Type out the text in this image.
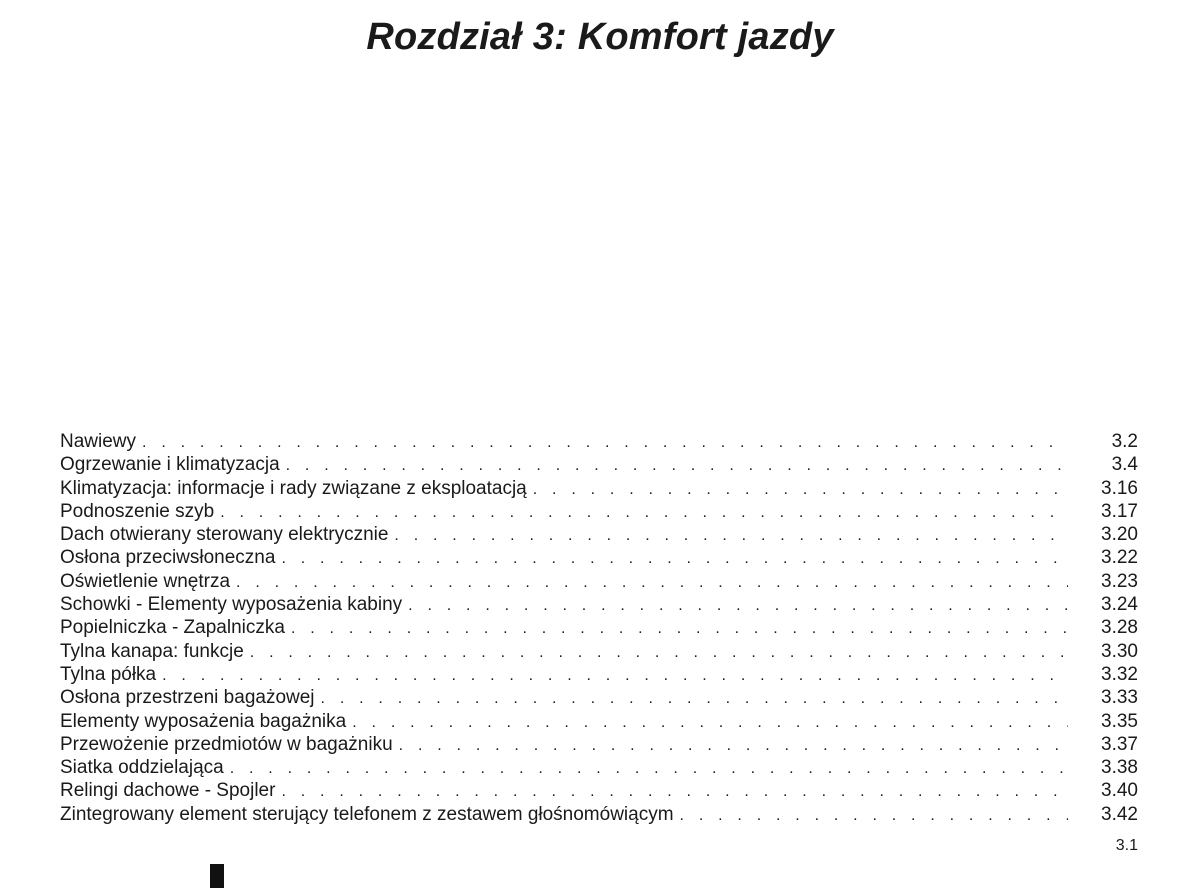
Rozdział 3: Komfort jazdy
Nawiewy . . .	3.2
Ogrzewanie i klimatyzacja . . .	3.4
Klimatyzacja: informacje i rady związane z eksploatacją . . .	3.16
Podnoszenie szyb . . .	3.17
Dach otwierany sterowany elektrycznie . . .	3.20
Osłona przeciwsłoneczna . . .	3.22
Oświetlenie wnętrza . . .	3.23
Schowki - Elementy wyposażenia kabiny . . .	3.24
Popielniczka - Zapalniczka . . .	3.28
Tylna kanapa: funkcje . . .	3.30
Tylna półka . . .	3.32
Osłona przestrzeni bagażowej . . .	3.33
Elementy wyposażenia bagażnika . . .	3.35
Przewożenie przedmiotów w bagażniku . . .	3.37
Siatka oddzielająca . . .	3.38
Relingi dachowe - Spojler . . .	3.40
Zintegrowany element sterujący telefonem z zestawem głośnomówiącym . . .	3.42
3.1
